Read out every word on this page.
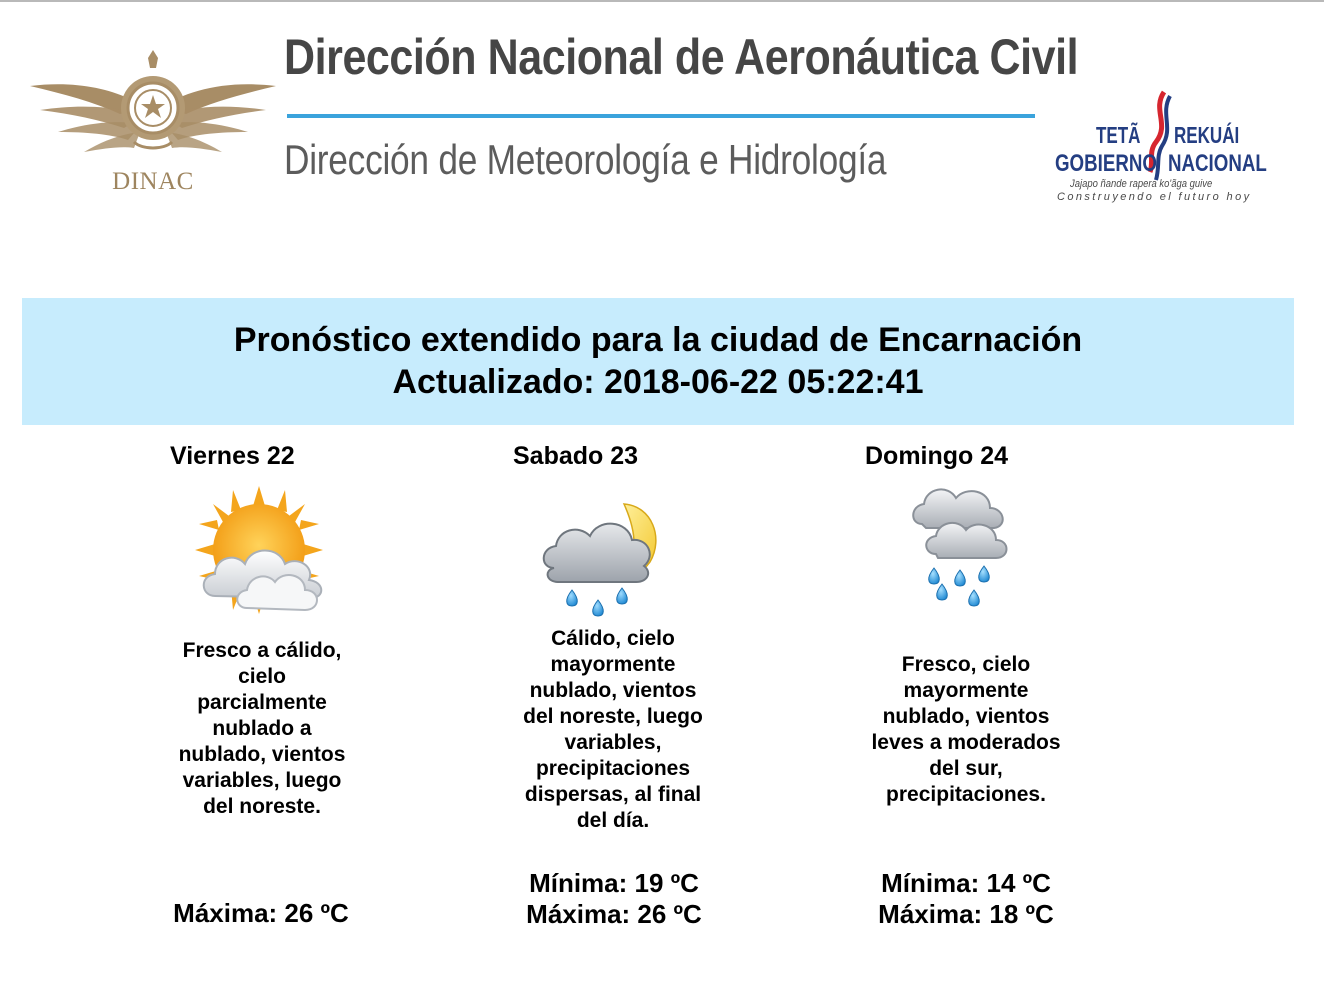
DINAC
Dirección Nacional de Aeronáutica Civil
Dirección de Meteorología e Hidrología
TETÃ REKUÁI
GOBIERNO NACIONAL
Jajapo ñande rapera ko'ãga guive
Construyendo el futuro hoy
Pronóstico extendido para la ciudad de Encarnación
Actualizado: 2018-06-22 05:22:41
Viernes 22
Fresco a cálido,
cielo
parcialmente
nublado a
nublado, vientos
variables, luego
del noreste.
Máxima: 26 ºC
Sabado 23
Cálido, cielo
mayormente
nublado, vientos
del noreste, luego
variables,
precipitaciones
dispersas, al final
del día.
Mínima: 19 ºC
Máxima: 26 ºC
Domingo 24
Fresco, cielo
mayormente
nublado, vientos
leves a moderados
del sur,
precipitaciones.
Mínima: 14 ºC
Máxima: 18 ºC
